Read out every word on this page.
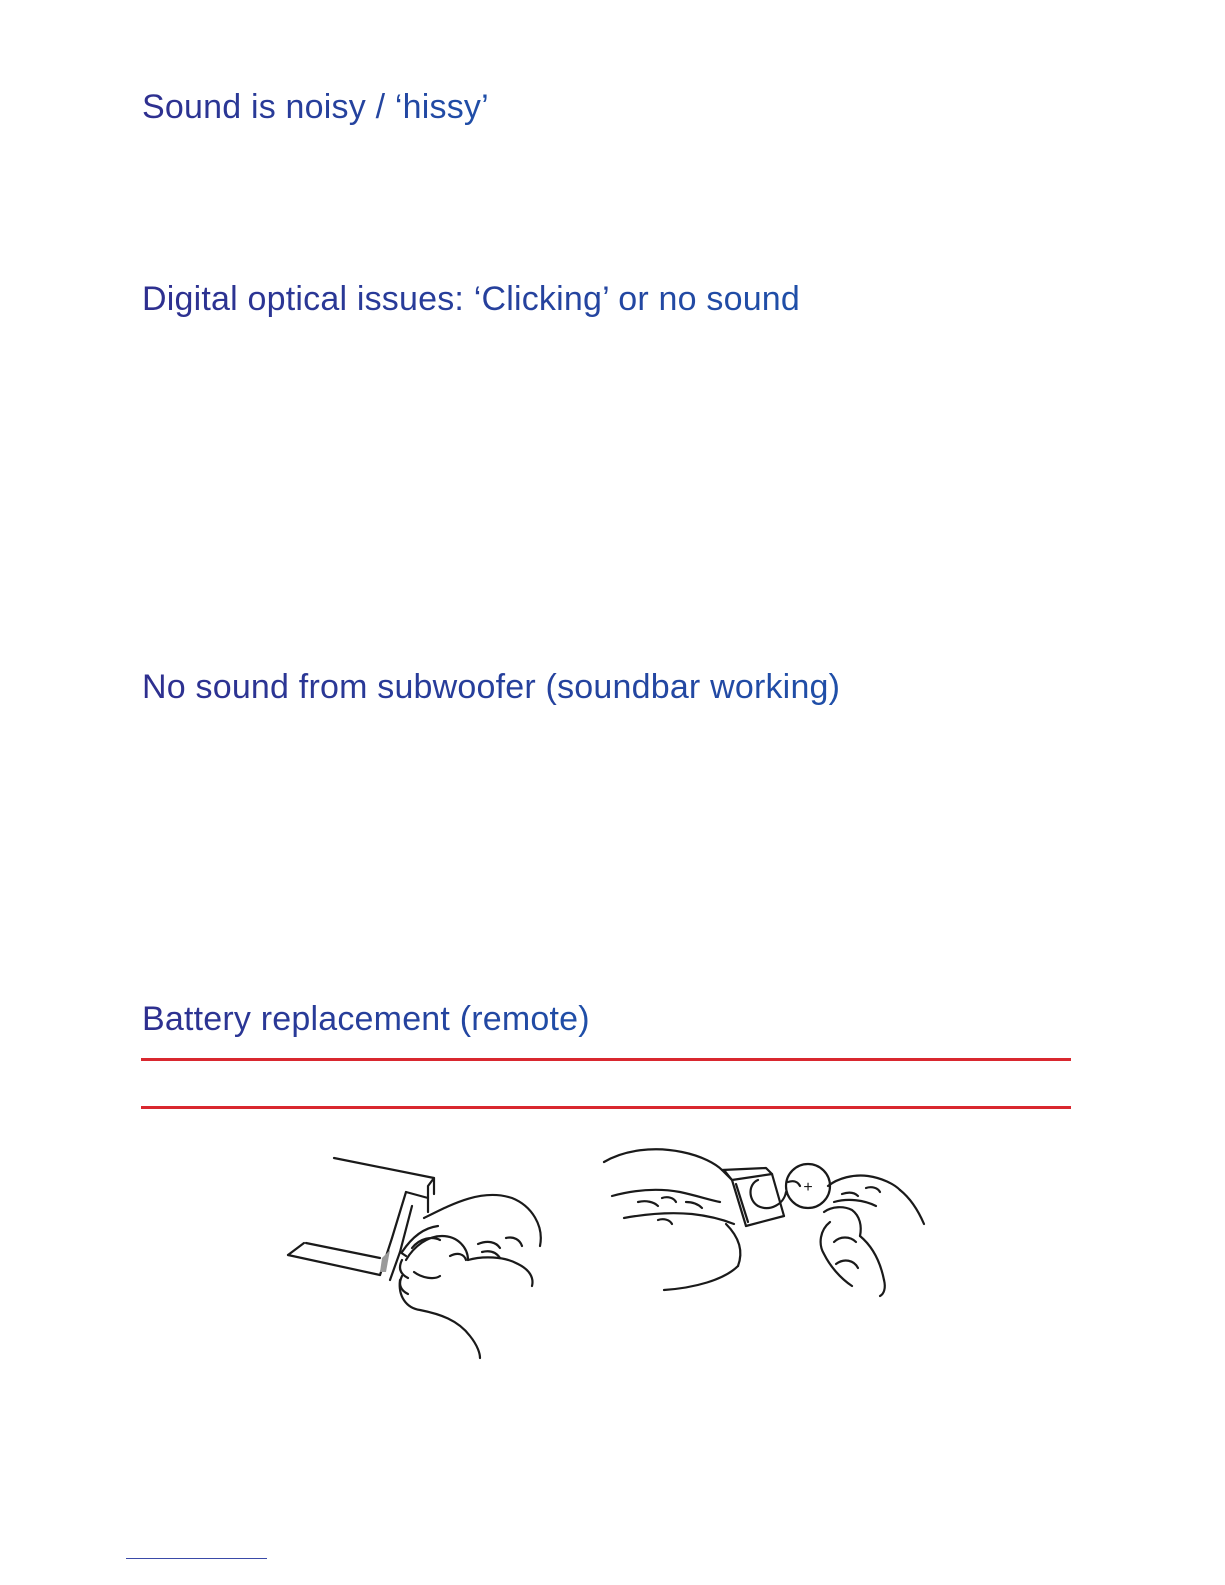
Sound is noisy / ‘hissy’
Digital optical issues: ‘Clicking’ or no sound
No sound from subwoofer (soundbar working)
Battery replacement (remote)
+
